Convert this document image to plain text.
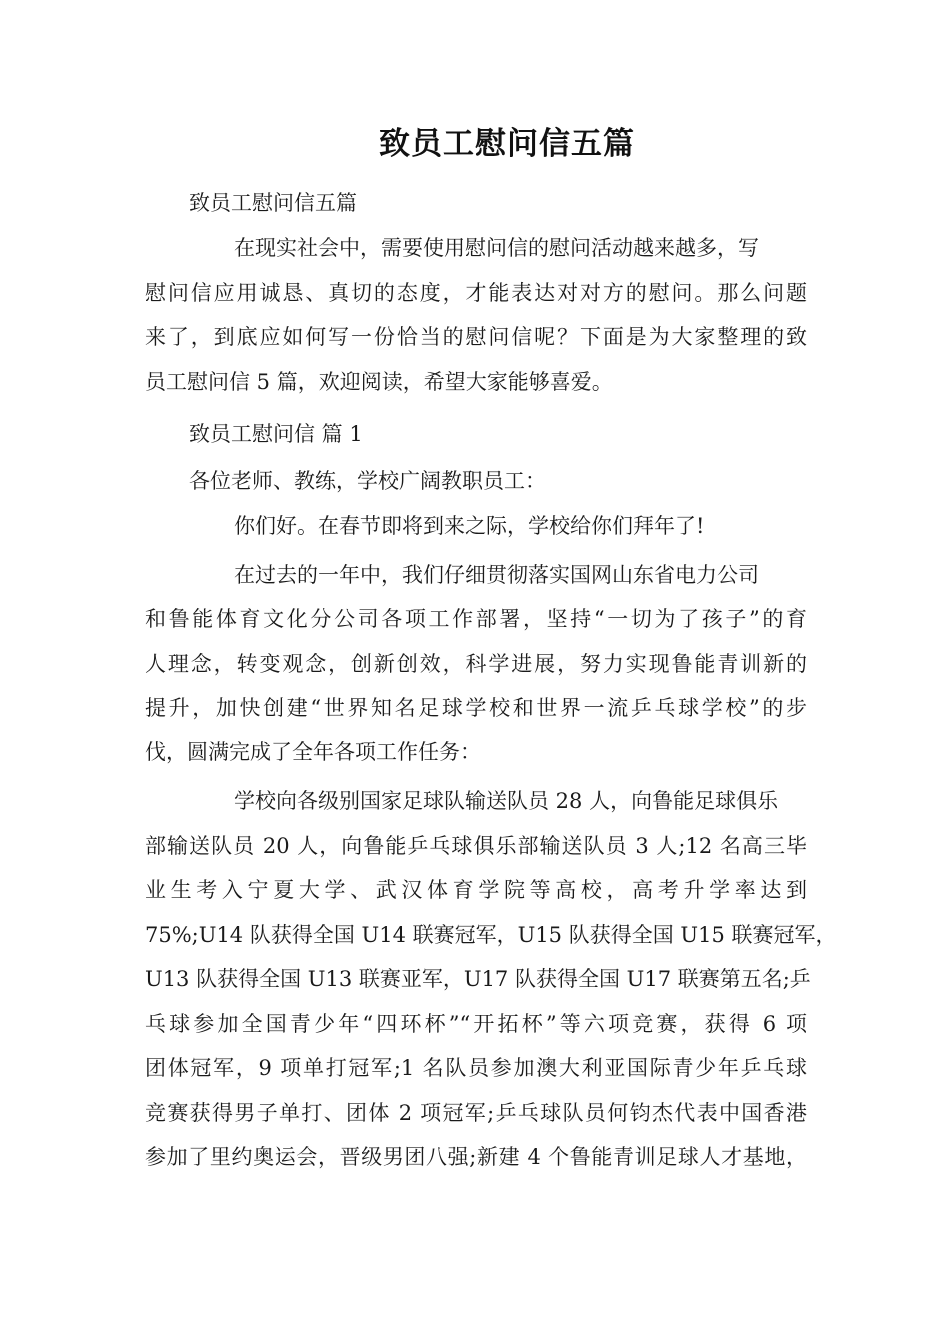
致员工慰问信五篇
致员工慰问信五篇
在现实社会中，需要使用慰问信的慰问活动越来越多，写
慰问信应用诚恳、真切的态度，才能表达对对方的慰问。那么问题
来了，到底应如何写一份恰当的慰问信呢？下面是为大家整理的致
员工慰问信 5 篇，欢迎阅读，希望大家能够喜爱。
致员工慰问信 篇 1
各位老师、教练，学校广阔教职员工：
你们好。在春节即将到来之际，学校给你们拜年了!
在过去的一年中，我们仔细贯彻落实国网山东省电力公司
和鲁能体育文化分公司各项工作部署，坚持“一切为了孩子”的育
人理念，转变观念，创新创效，科学进展，努力实现鲁能青训新的
提升，加快创建“世界知名足球学校和世界一流乒乓球学校”的步
伐，圆满完成了全年各项工作任务：
学校向各级别国家足球队输送队员 28 人，向鲁能足球俱乐
部输送队员 20 人，向鲁能乒乓球俱乐部输送队员 3 人;12 名高三毕
业生考入宁夏大学、武汉体育学院等高校，高考升学率达到
75%;U14 队获得全国 U14 联赛冠军，U15 队获得全国 U15 联赛冠军，
U13 队获得全国 U13 联赛亚军，U17 队获得全国 U17 联赛第五名;乒
乓球参加全国青少年“四环杯”“开拓杯”等六项竞赛，获得 6 项
团体冠军，9 项单打冠军;1 名队员参加澳大利亚国际青少年乒乓球
竞赛获得男子单打、团体 2 项冠军;乒乓球队员何钧杰代表中国香港
参加了里约奥运会，晋级男团八强;新建 4 个鲁能青训足球人才基地，
